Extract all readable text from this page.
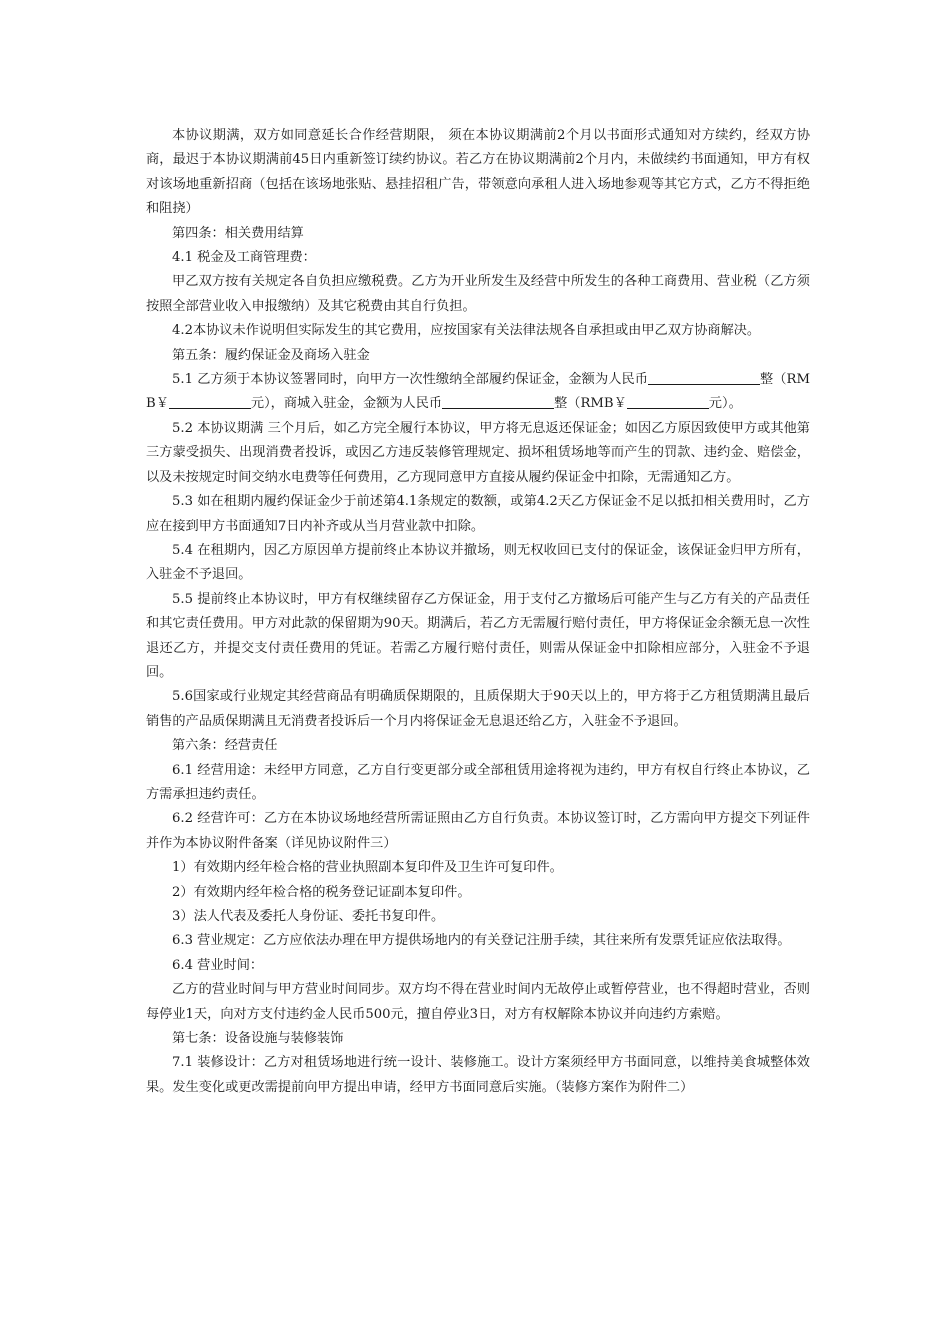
本协议期满，双方如同意延长合作经营期限， 须在本协议期满前2个月以书面形式通知对方续约，经双方协商，最迟于本协议期满前45日内重新签订续约协议。若乙方在协议期满前2个月内，未做续约书面通知，甲方有权对该场地重新招商（包括在该场地张贴、悬挂招租广告，带领意向承租人进入场地参观等其它方式，乙方不得拒绝和阻挠）

第四条：相关费用结算

4.1 税金及工商管理费：

甲乙双方按有关规定各自负担应缴税费。乙方为开业所发生及经营中所发生的各种工商费用、营业税（乙方须按照全部营业收入申报缴纳）及其它税费由其自行负担。

4.2本协议未作说明但实际发生的其它费用，应按国家有关法律法规各自承担或由甲乙双方协商解决。

第五条：履约保证金及商场入驻金

5.1 乙方须于本协议签署同时，向甲方一次性缴纳全部履约保证金，金额为人民币	整（RMB￥	元），商城入驻金，金额为人民币	整（RMB￥	元）。

5.2 本协议期满 三个月后，如乙方完全履行本协议，甲方将无息返还保证金；如因乙方原因致使甲方或其他第三方蒙受损失、出现消费者投诉，或因乙方违反装修管理规定、损坏租赁场地等而产生的罚款、违约金、赔偿金，以及未按规定时间交纳水电费等任何费用，乙方现同意甲方直接从履约保证金中扣除，无需通知乙方。

5.3 如在租期内履约保证金少于前述第4.1条规定的数额，或第4.2天乙方保证金不足以抵扣相关费用时，乙方应在接到甲方书面通知7日内补齐或从当月营业款中扣除。

5.4 在租期内，因乙方原因单方提前终止本协议并撤场，则无权收回已支付的保证金，该保证金归甲方所有，入驻金不予退回。

5.5 提前终止本协议时，甲方有权继续留存乙方保证金，用于支付乙方撤场后可能产生与乙方有关的产品责任和其它责任费用。甲方对此款的保留期为90天。期满后，若乙方无需履行赔付责任，甲方将保证金余额无息一次性退还乙方，并提交支付责任费用的凭证。若需乙方履行赔付责任，则需从保证金中扣除相应部分，入驻金不予退回。

5.6国家或行业规定其经营商品有明确质保期限的，且质保期大于90天以上的，甲方将于乙方租赁期满且最后销售的产品质保期满且无消费者投诉后一个月内将保证金无息退还给乙方，入驻金不予退回。

第六条：经营责任

6.1 经营用途：未经甲方同意，乙方自行变更部分或全部租赁用途将视为违约，甲方有权自行终止本协议，乙方需承担违约责任。

6.2 经营许可：乙方在本协议场地经营所需证照由乙方自行负责。本协议签订时，乙方需向甲方提交下列证件并作为本协议附件备案（详见协议附件三）

1）有效期内经年检合格的营业执照副本复印件及卫生许可复印件。

2）有效期内经年检合格的税务登记证副本复印件。

3）法人代表及委托人身份证、委托书复印件。

6.3 营业规定：乙方应依法办理在甲方提供场地内的有关登记注册手续，其往来所有发票凭证应依法取得。

6.4 营业时间：

乙方的营业时间与甲方营业时间同步。双方均不得在营业时间内无故停止或暂停营业，也不得超时营业，否则每停业1天，向对方支付违约金人民币500元，擅自停业3日，对方有权解除本协议并向违约方索赔。

第七条：设备设施与装修装饰

7.1 装修设计：乙方对租赁场地进行统一设计、装修施工。设计方案须经甲方书面同意，以维持美食城整体效果。发生变化或更改需提前向甲方提出申请，经甲方书面同意后实施。（装修方案作为附件二）
